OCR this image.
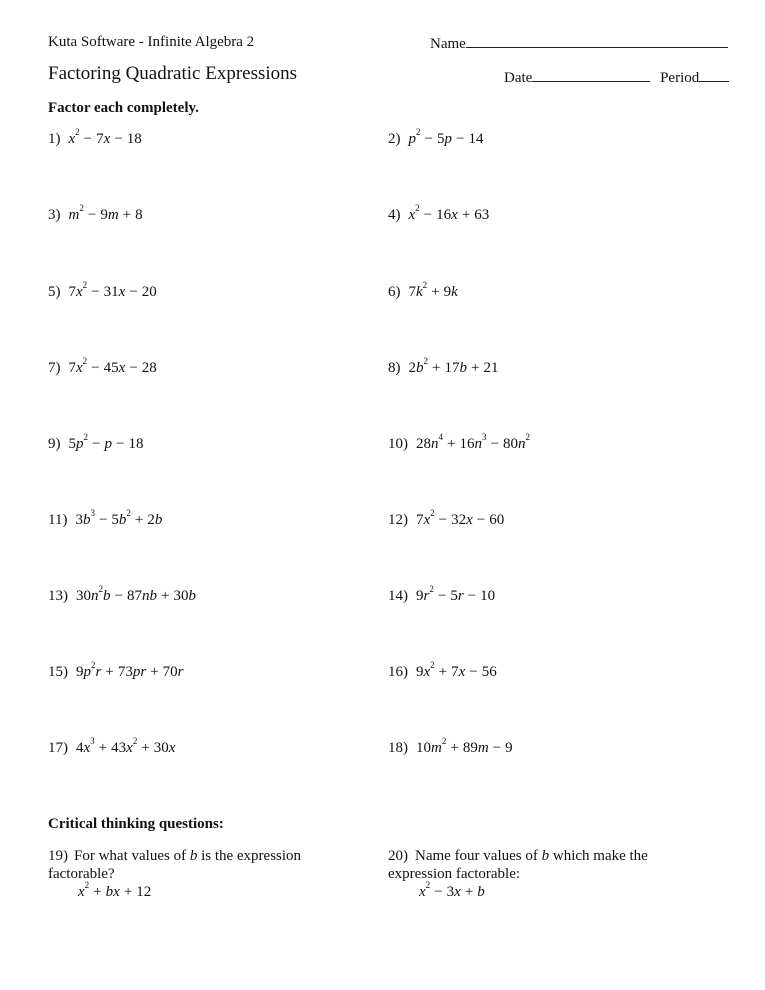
Kuta Software - Infinite Algebra 2	Name
Factoring Quadratic Expressions	Date	Period
Factor each completely.
1) $x^2 - 7x - 18$	2) $p^2 - 5p - 14$
3) $m^2 - 9m + 8$	4) $x^2 - 16x + 63$
5) $7x^2 - 31x - 20$	6) $7k^2 + 9k$
7) $7x^2 - 45x - 28$	8) $2b^2 + 17b + 21$
9) $5p^2 - p - 18$	10) $28n^4 + 16n^3 - 80n^2$
11) $3b^3 - 5b^2 + 2b$	12) $7x^2 - 32x - 60$
13) $30n^2b - 87nb + 30b$	14) $9r^2 - 5r - 10$
15) $9p^2r + 73pr + 70r$	16) $9x^2 + 7x - 56$
17) $4x^3 + 43x^2 + 30x$	18) $10m^2 + 89m - 9$
Critical thinking questions:
19) For what values of b is the expression factorable?
$x^2$ + bx + 12
20) Name four values of b which make the expression factorable:
$x^2 - 3x + b$
